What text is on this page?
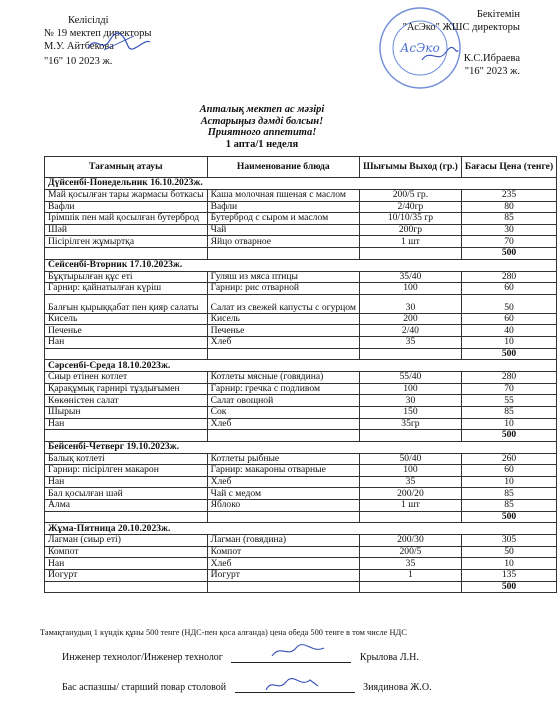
Келісілді
№ 19 мектеп директоры
М.У. Айтбекова
"16" 10 2023 ж.
АсЭко
Бекітемін
"АсЭко" ЖШС директоры
К.С.Ибраева
"16" 2023 ж.
Апталық мектеп ас мәзірі
Астарыңыз дәмді болсын!
Приятного аппетита!
1 апта/1 неделя
Тағамның атауы	Наименование блюда	Шығымы Выход (гр.)	Бағасы Цена (тенге)
Дүйсенбі-Понедельник 16.10.2023ж.			
Май қосылған тары жармасы боткасы	Каша молочная пшеная с маслом	200/5 гр.	235
Вафли	Вафли	2/40гр	80
Ірімшік пен май қосылған бутерброд	Бутерброд с сыром и маслом	10/10/35 гр	85
Шәй	Чай	200гр	30
Пісірілген жұмыртқа	Яйцо отварное	1 шт	70
			500
Сейсенбі-Вторник 17.10.2023ж.			
Бұқтырылған құс еті	Гуляш из мяса птицы	35/40	280
Гарнир: қайнатылған күріш	Гарнир: рис отварной	100	60
Балғын қырыққабат пен қияр салаты	Салат из свежей капусты с огурцом	30	50
Кисель	Кисель	200	60
Печенье	Печенье	2/40	40
Нан	Хлеб	35	10
			500
Сәрсенбі-Среда 18.10.2023ж.			
Сиыр етінен котлет	Котлеты мясные (говядина)	55/40	280
Қарақұмық гарнирі тұздығымен	Гарнир: гречка с подливом	100	70
Көкөністен салат	Салат овощной	30	55
Шырын	Сок	150	85
Нан	Хлеб	35гр	10
			500
Бейсенбі-Четверг 19.10.2023ж.			
Балық котлеті	Котлеты рыбные	50/40	260
Гарнир: пісірілген макарон	Гарнир: макароны отварные	100	60
Нан	Хлеб	35	10
Бал қосылған шәй	Чай с медом	200/20	85
Алма	Яблоко	1 шт	85
			500
Жұма-Пятница 20.10.2023ж.			
Лагман (сиыр еті)	Лагман (говядина)	200/30	305
Компот	Компот	200/5	50
Нан	Хлеб	35	10
Йогурт	Йогурт	1	135
			500
Тамақтанудың 1 күндік құны 500 тенге (НДС-пен қоса алғанда) цена обеда 500 тенге в том числе НДС
Инженер технолог/Инженер технолог	Крылова Л.Н.
Бас аспазшы/ старший повар столовой	Зиядинова Ж.О.
